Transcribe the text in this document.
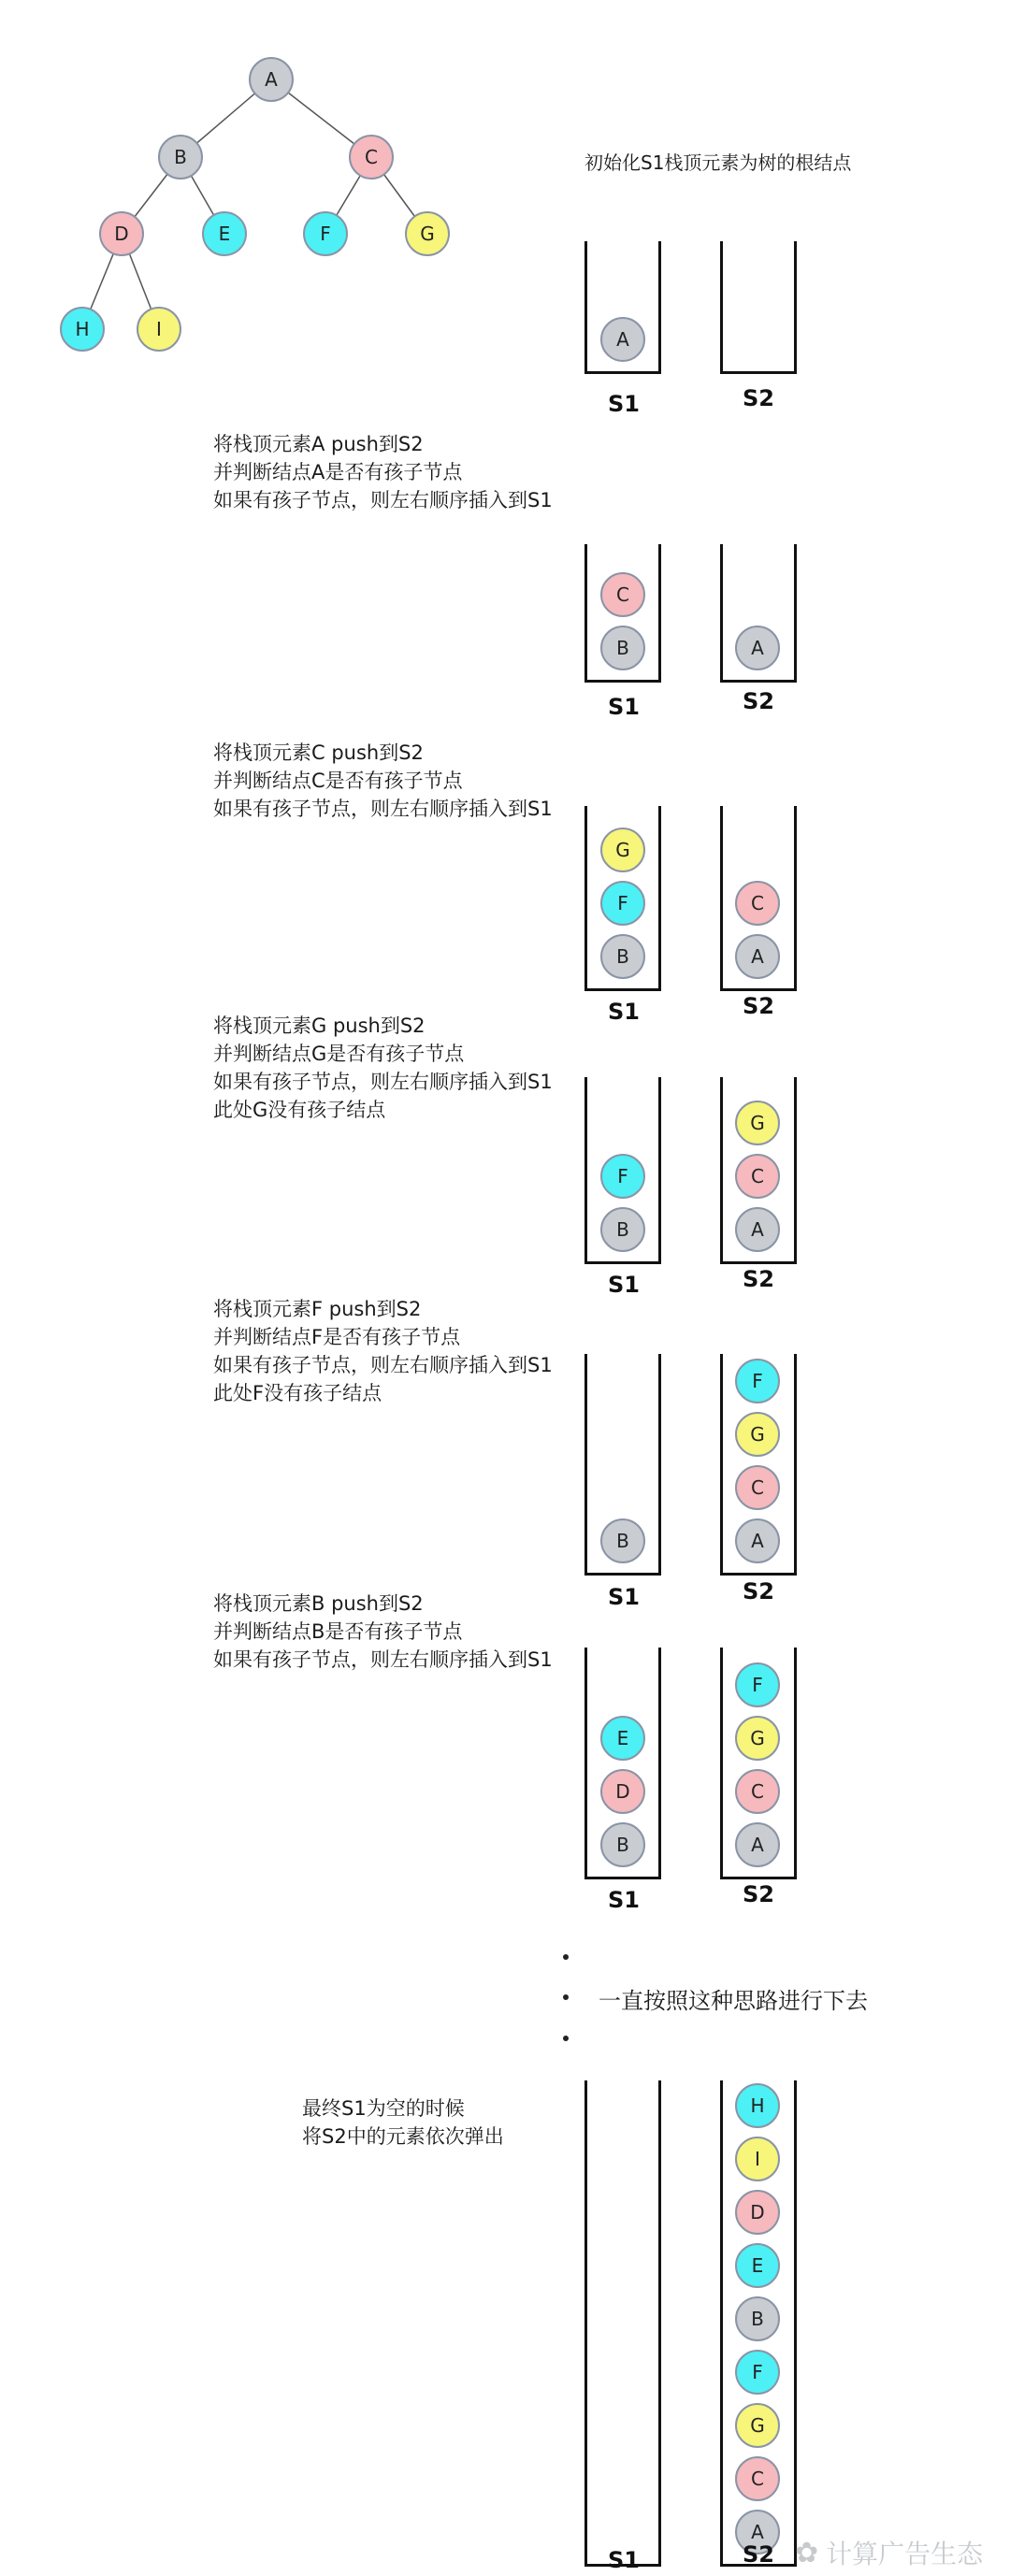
A
B	C
D	E	F	G
H	I
初始化S1栈顶元素为树的根结点
A
S1	S2
将栈顶元素A push到S2
并判断结点A是否有孩子节点
如果有孩子节点，则左右顺序插入到S1
B
C
S1
A
S2
将栈顶元素C push到S2
并判断结点C是否有孩子节点
如果有孩子节点，则左右顺序插入到S1
B
F
G
S1
A
C
S2
将栈顶元素G push到S2
并判断结点G是否有孩子节点
如果有孩子节点，则左右顺序插入到S1
此处G没有孩子结点
B
F
S1
A
C
G
S2
将栈顶元素F push到S2
并判断结点F是否有孩子节点
如果有孩子节点，则左右顺序插入到S1
此处F没有孩子结点
B
S1
A
C
G
F
S2
将栈顶元素B push到S2
并判断结点B是否有孩子节点
如果有孩子节点，则左右顺序插入到S1
B
D
E
S1
A
C
G
F
S2
一直按照这种思路进行下去
最终S1为空的时候
将S2中的元素依次弹出
S1
A
C
G
F
B
E
D
I
H
S2 ✿ 计算广告生态
